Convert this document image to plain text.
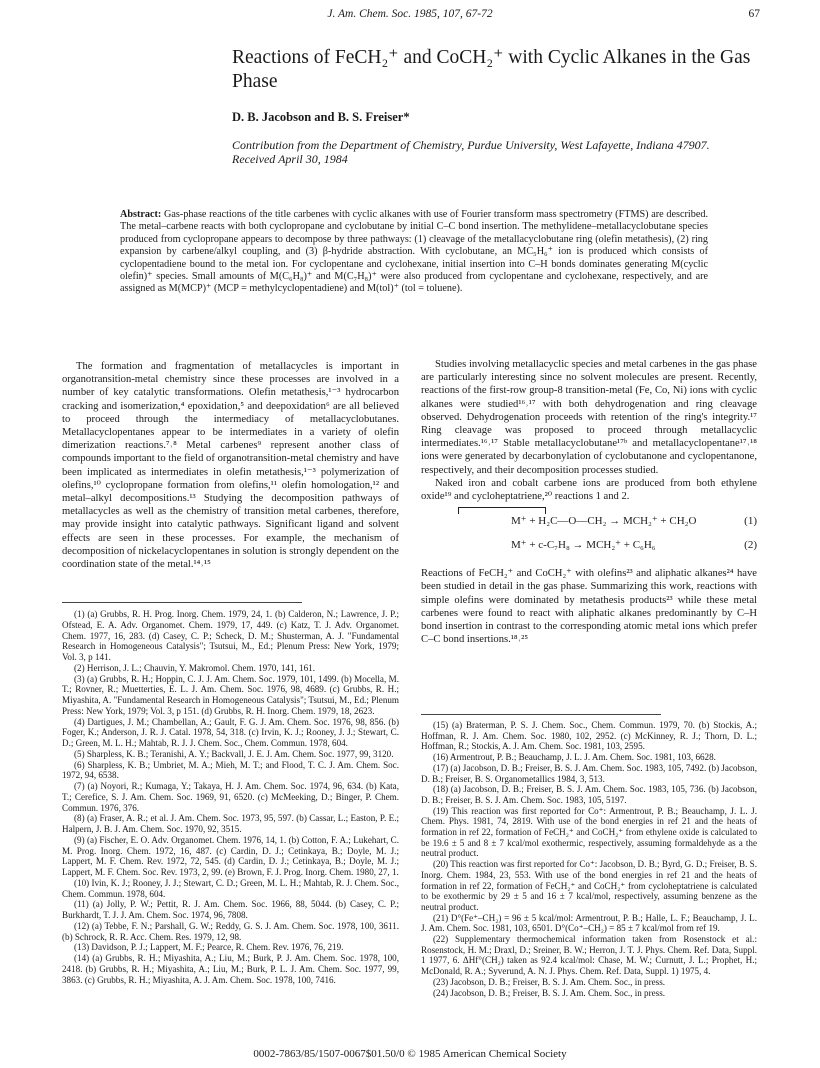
J. Am. Chem. Soc. 1985, 107, 67-72	67
Reactions of FeCH₂⁺ and CoCH₂⁺ with Cyclic Alkanes in the Gas Phase
D. B. Jacobson and B. S. Freiser*
Contribution from the Department of Chemistry, Purdue University, West Lafayette, Indiana 47907. Received April 30, 1984
Abstract: Gas-phase reactions of the title carbenes with cyclic alkanes with use of Fourier transform mass spectrometry (FTMS) are described. The metal–carbene reacts with both cyclopropane and cyclobutane by initial C–C bond insertion. The methylidene–metallacyclobutane species produced from cyclopropane appears to decompose by three pathways: (1) cleavage of the metallacyclobutane ring (olefin metathesis), (2) ring expansion by carbene/alkyl coupling, and (3) β-hydride abstraction. With cyclobutane, an MC₅H₆⁺ ion is produced which consists of cyclopentadiene bound to the metal ion. For cyclopentane and cyclohexane, initial insertion into C–H bonds dominates generating M(cyclic olefin)⁺ species. Small amounts of M(C₆H₈)⁺ and M(C₇H₈)⁺ were also produced from cyclopentane and cyclohexane, respectively, and are assigned as M(MCP)⁺ (MCP = methylcyclopentadiene) and M(tol)⁺ (tol = toluene).

The formation and fragmentation of metallacycles is important in organotransition-metal chemistry since these processes are involved in a number of key catalytic transformations. Olefin metathesis,¹⁻³ hydrocarbon cracking and isomerization,⁴ epoxidation,⁵ and deepoxidation⁶ are all believed to proceed through the intermediacy of metallacyclobutanes. Metallacyclopentanes appear to be intermediates in a variety of olefin dimerization reactions.⁷˒⁸ Metal carbenes⁹ represent another class of compounds important to the field of organotransition-metal chemistry and have been implicated as intermediates in olefin metathesis,¹⁻³ polymerization of olefins,¹⁰ cyclopropane formation from olefins,¹¹ olefin homologation,¹² and metal–alkyl decompositions.¹³ Studying the decomposition pathways of metallacycles as well as the chemistry of transition metal carbenes, therefore, may provide insight into catalytic pathways. Significant ligand and solvent effects are seen in these processes. For example, the mechanism of decomposition of nickelacyclopentanes in solution is strongly dependent on the coordination state of the metal.¹⁴˒¹⁵

(1) (a) Grubbs, R. H. Prog. Inorg. Chem. 1979, 24, 1. (b) Calderon, N.; Lawrence, J. P.; Ofstead, E. A. Adv. Organomet. Chem. 1979, 17, 449. (c) Katz, T. J. Adv. Organomet. Chem. 1977, 16, 283. (d) Casey, C. P.; Scheck, D. M.; Shusterman, A. J. "Fundamental Research in Homogeneous Catalysis"; Tsutsui, M., Ed.; Plenum Press: New York, 1979; Vol. 3, p 141.

(2) Herrison, J. L.; Chauvin, Y. Makromol. Chem. 1970, 141, 161.

(3) (a) Grubbs, R. H.; Hoppin, C. J. J. Am. Chem. Soc. 1979, 101, 1499. (b) Mocella, M. T.; Rovner, R.; Muetterties, E. L. J. Am. Chem. Soc. 1976, 98, 4689. (c) Grubbs, R. H.; Miyashita, A. "Fundamental Research in Homogeneous Catalysis"; Tsutsui, M., Ed.; Plenum Press: New York, 1979; Vol. 3, p 151. (d) Grubbs, R. H. Inorg. Chem. 1979, 18, 2623.

(4) Dartigues, J. M.; Chambellan, A.; Gault, F. G. J. Am. Chem. Soc. 1976, 98, 856. (b) Foger, K.; Anderson, J. R. J. Catal. 1978, 54, 318. (c) Irvin, K. J.; Rooney, J. J.; Stewart, C. D.; Green, M. L. H.; Mahtab, R. J. J. Chem. Soc., Chem. Commun. 1978, 604.

(5) Sharpless, K. B.; Teranishi, A. Y.; Backvall, J. E. J. Am. Chem. Soc. 1977, 99, 3120.

(6) Sharpless, K. B.; Umbriet, M. A.; Mieh, M. T.; and Flood, T. C. J. Am. Chem. Soc. 1972, 94, 6538.

(7) (a) Noyori, R.; Kumaga, Y.; Takaya, H. J. Am. Chem. Soc. 1974, 96, 634. (b) Kata, T.; Cerefice, S. J. Am. Chem. Soc. 1969, 91, 6520. (c) McMeeking, D.; Binger, P. Chem. Commun. 1976, 376.

(8) (a) Fraser, A. R.; et al. J. Am. Chem. Soc. 1973, 95, 597. (b) Cassar, L.; Easton, P. E.; Halpern, J. B. J. Am. Chem. Soc. 1970, 92, 3515.

(9) (a) Fischer, E. O. Adv. Organomet. Chem. 1976, 14, 1. (b) Cotton, F. A.; Lukehart, C. M. Prog. Inorg. Chem. 1972, 16, 487. (c) Cardin, D. J.; Cetinkaya, B.; Doyle, M. J.; Lappert, M. F. Chem. Rev. 1972, 72, 545. (d) Cardin, D. J.; Cetinkaya, B.; Doyle, M. J.; Lappert, M. F. Chem. Soc. Rev. 1973, 2, 99. (e) Brown, F. J. Prog. Inorg. Chem. 1980, 27, 1.

(10) Ivin, K. J.; Rooney, J. J.; Stewart, C. D.; Green, M. L. H.; Mahtab, R. J. Chem. Soc., Chem. Commun. 1978, 604.

(11) (a) Jolly, P. W.; Pettit, R. J. Am. Chem. Soc. 1966, 88, 5044. (b) Casey, C. P.; Burkhardt, T. J. J. Am. Chem. Soc. 1974, 96, 7808.

(12) (a) Tebbe, F. N.; Parshall, G. W.; Reddy, G. S. J. Am. Chem. Soc. 1978, 100, 3611. (b) Schrock, R. R. Acc. Chem. Res. 1979, 12, 98.

(13) Davidson, P. J.; Lappert, M. F.; Pearce, R. Chem. Rev. 1976, 76, 219.

(14) (a) Grubbs, R. H.; Miyashita, A.; Liu, M.; Burk, P. J. Am. Chem. Soc. 1978, 100, 2418. (b) Grubbs, R. H.; Miyashita, A.; Liu, M.; Burk, P. L. J. Am. Chem. Soc. 1977, 99, 3863. (c) Grubbs, R. H.; Miyashita, A. J. Am. Chem. Soc. 1978, 100, 7416.

Studies involving metallacyclic species and metal carbenes in the gas phase are particularly interesting since no solvent molecules are present. Recently, reactions of the first-row group-8 transition-metal (Fe, Co, Ni) ions with cyclic alkanes were studied¹⁶˒¹⁷ with both dehydrogenation and ring cleavage observed. Dehydrogenation proceeds with retention of the ring's integrity.¹⁷ Ring cleavage was proposed to proceed through metallacyclic intermediates.¹⁶˒¹⁷ Stable metallacyclobutane¹⁷ᵇ and metallacyclopentane¹⁷˒¹⁸ ions were generated by decarbonylation of cyclobutanone and cyclopentanone, respectively, and their decomposition processes studied.

Naked iron and cobalt carbene ions are produced from both ethylene oxide¹⁹ and cycloheptatriene,²⁰ reactions 1 and 2.

M⁺ + H₂C—O—CH₂ → MCH₂⁺ + CH₂O	(1)
M⁺ + c-C₇H₈ → MCH₂⁺ + C₆H₆	(2)

Reactions of FeCH₂⁺ and CoCH₂⁺ with olefins²³ and aliphatic alkanes²⁴ have been studied in detail in the gas phase. Summarizing this work, reactions with simple olefins were dominated by metathesis products²³ while these metal carbenes were found to react with aliphatic alkanes predominantly by C–H bond insertion in contrast to the corresponding atomic metal ions which prefer C–C bond insertions.¹⁸˒²⁵

(15) (a) Braterman, P. S. J. Chem. Soc., Chem. Commun. 1979, 70. (b) Stockis, A.; Hoffman, R. J. Am. Chem. Soc. 1980, 102, 2952. (c) McKinney, R. J.; Thorn, D. L.; Hoffman, R.; Stockis, A. J. Am. Chem. Soc. 1981, 103, 2595.

(16) Armentrout, P. B.; Beauchamp, J. L. J. Am. Chem. Soc. 1981, 103, 6628.

(17) (a) Jacobson, D. B.; Freiser, B. S. J. Am. Chem. Soc. 1983, 105, 7492. (b) Jacobson, D. B.; Freiser, B. S. Organometallics 1984, 3, 513.

(18) (a) Jacobson, D. B.; Freiser, B. S. J. Am. Chem. Soc. 1983, 105, 736. (b) Jacobson, D. B.; Freiser, B. S. J. Am. Chem. Soc. 1983, 105, 5197.

(19) This reaction was first reported for Co⁺: Armentrout, P. B.; Beauchamp, J. L. J. Chem. Phys. 1981, 74, 2819. With use of the bond energies in ref 21 and the heats of formation in ref 22, formation of FeCH₂⁺ and CoCH₂⁺ from ethylene oxide is calculated to be 19.6 ± 5 and 8 ± 7 kcal/mol exothermic, respectively, assuming formaldehyde as a the neutral product.

(20) This reaction was first reported for Co⁺: Jacobson, D. B.; Byrd, G. D.; Freiser, B. S. Inorg. Chem. 1984, 23, 553. With use of the bond energies in ref 21 and the heats of formation in ref 22, formation of FeCH₂⁺ and CoCH₂⁺ from cycloheptatriene is calculated to be exothermic by 29 ± 5 and 16 ± 7 kcal/mol, respectively, assuming benzene as the neutral product.

(21) D°(Fe⁺–CH₂) = 96 ± 5 kcal/mol: Armentrout, P. B.; Halle, L. F.; Beauchamp, J. L. J. Am. Chem. Soc. 1981, 103, 6501. D°(Co⁺–CH₂) = 85 ± 7 kcal/mol from ref 19.

(22) Supplementary thermochemical information taken from Rosenstock et al.: Rosenstock, H. M.; Draxl, D.; Sreiner, B. W.; Herron, J. T. J. Phys. Chem. Ref. Data, Suppl. 1 1977, 6. ΔHf°(CH₂) taken as 92.4 kcal/mol: Chase, M. W.; Curnutt, J. L.; Prophet, H.; McDonald, R. A.; Syverund, A. N. J. Phys. Chem. Ref. Data, Suppl. 1) 1975, 4.

(23) Jacobson, D. B.; Freiser, B. S. J. Am. Chem. Soc., in press.

(24) Jacobson, D. B.; Freiser, B. S. J. Am. Chem. Soc., in press.

0002-7863/85/1507-0067$01.50/0 © 1985 American Chemical Society
